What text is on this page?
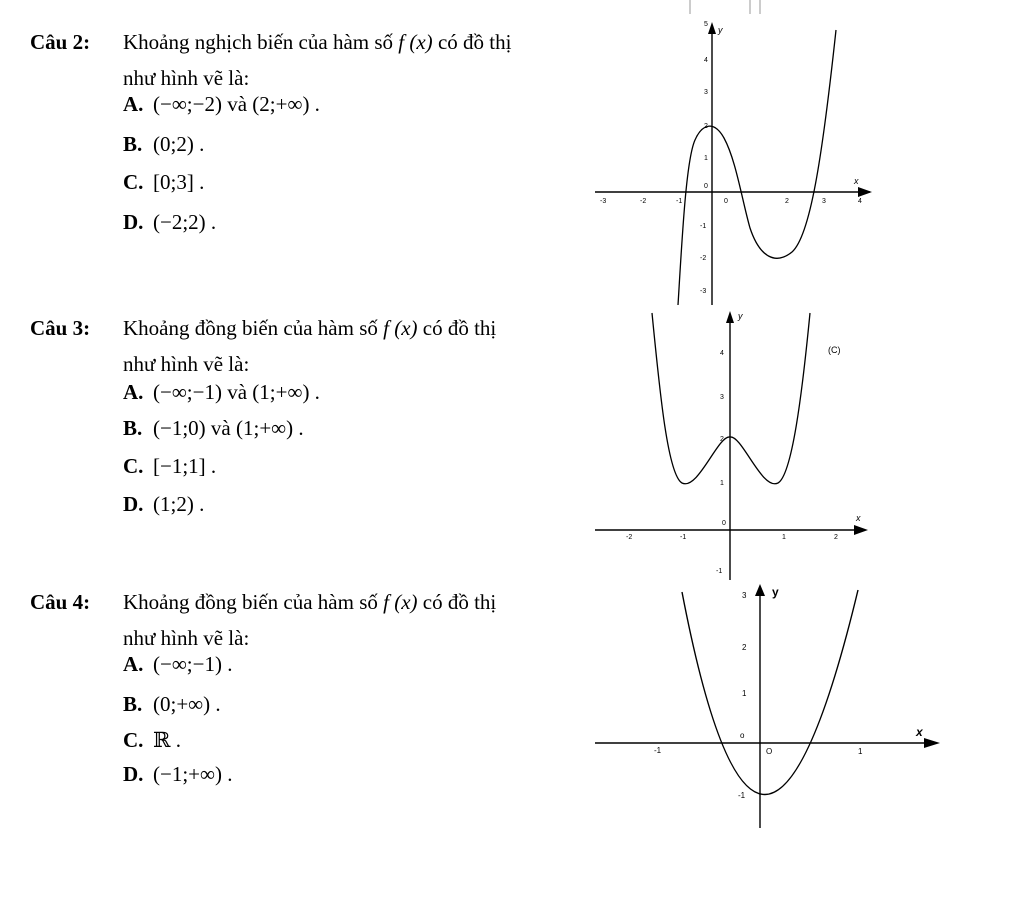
Câu 2: Khoảng nghịch biến của hàm số f (x) có đồ thị
như hình vẽ là:
A. (−∞;−2) và (2;+∞) .
B. (0;2) .
C. [0;3] .
D. (−2;2) .
Câu 3: Khoảng đồng biến của hàm số f (x) có đồ thị
như hình vẽ là:
A. (−∞;−1) và (1;+∞) .
B. (−1;0) và (1;+∞) .
C. [−1;1] .
D. (1;2) .
Câu 4: Khoảng đồng biến của hàm số f (x) có đồ thị
như hình vẽ là:
A. (−∞;−1) .
B. (0;+∞) .
C. ℝ .
D. (−1;+∞) .
y
x
-3	-2	-1	0	2	3	4
5
4
3
2
1
0
-1
-2
-3
y
x
(C)
-2	-1
0
1	2
4
3
2
1
-1
y
x
3
2
1
-1
-1	O	1
o
